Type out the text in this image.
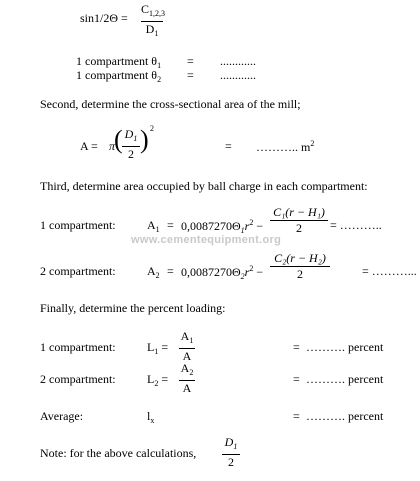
sin1/2Θ =
$C_{1,2,3}$
$D_1$
1 compartment $\theta_1$ = ............
1 compartment $\theta_2$ = ............
Second, determine the cross-sectional area of the mill;
A = π
( $D_1$
2 ) 2
= ……….. $m^2$
Third, determine area occupied by ball charge in each compartment:
1 compartment:	$A_1 = 0,0087270\Theta_1r^2$ −
C₁(r − H₁)
2	= ………..
www.cementequipment.org
2 compartment:	$A_2 = 0,0087270\Theta_2r^2$ −
C₂(r − H₂)
2	= ………...
Finally, determine the percent loading:
1 compartment:	$L_1$ =
$A_1$
A
= ………. percent
2 compartment:	$L_2$ =
$A_2$
A
= ………. percent
Average:	$l_x$	= ………. percent
Note: for the above calculations,
$D_1$
2
